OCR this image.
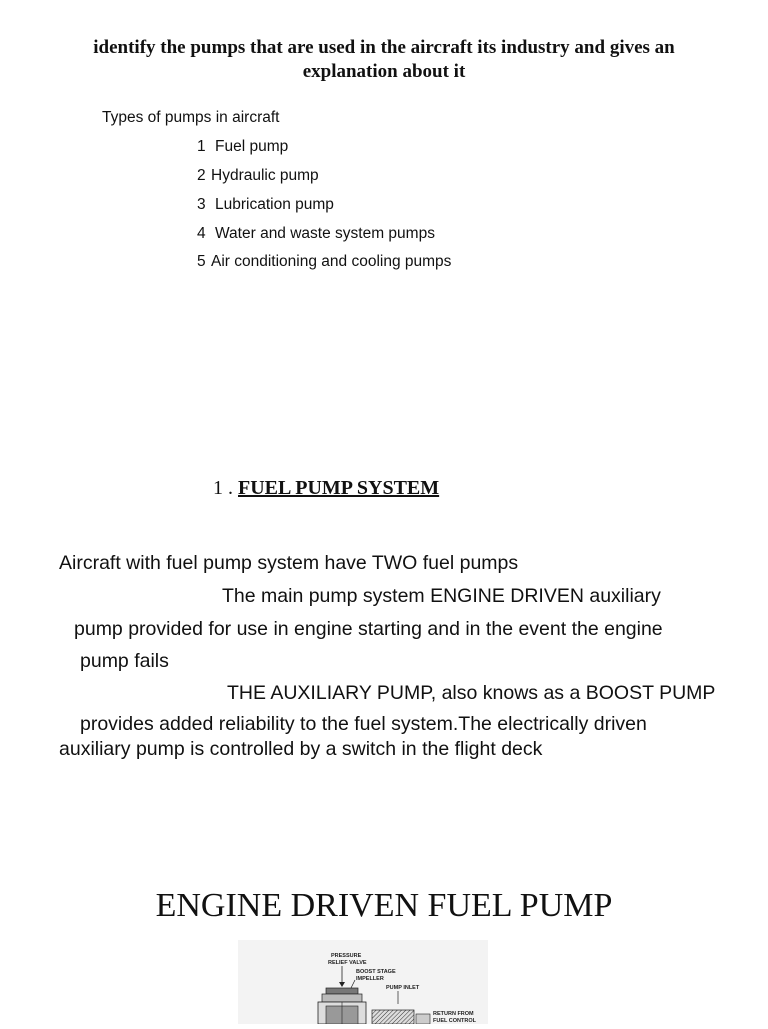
identify the pumps that are used in the aircraft its industry and gives an
explanation about it
Types of pumps in aircraft
1 Fuel pump
2 Hydraulic pump
3 Lubrication pump
4 Water and waste system pumps
5 Air conditioning and cooling pumps
1 . FUEL PUMP SYSTEM
Aircraft with fuel pump system have TWO fuel pumps
The main pump system ENGINE DRIVEN auxiliary
pump provided for use in engine starting and in the event the engine
pump fails
THE AUXILIARY PUMP, also knows as a BOOST PUMP
provides added reliability to the fuel system.The electrically driven
auxiliary pump is controlled by a switch in the flight deck
ENGINE DRIVEN FUEL PUMP
PRESSURE
RELIEF VALVE
BOOST STAGE
IMPELLER
PUMP INLET
RETURN FROM
FUEL CONTROL
